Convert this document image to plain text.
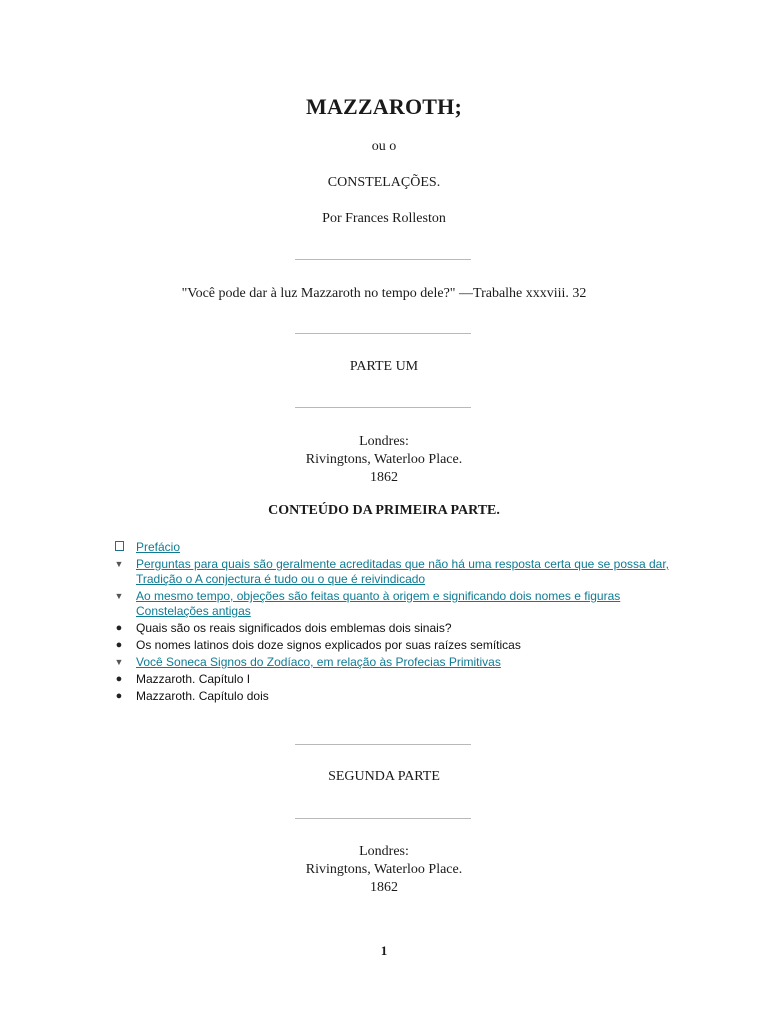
MAZZAROTH;
ou o
CONSTELAÇÕES.
Por Frances Rolleston
"Você pode dar à luz Mazzaroth no tempo dele?" —Trabalhe xxxviii. 32
PARTE UM
Londres:
Rivingtons, Waterloo Place.
1862
CONTEÚDO DA PRIMEIRA PARTE.
Prefácio
▼ Perguntas para quais são geralmente acreditadas que não há uma resposta certa que se possa dar, Tradição o A conjectura é tudo ou o que é reivindicado
▼ Ao mesmo tempo, objeções são feitas quanto à origem e significando dois nomes e figuras Constelações antigas
●	Quais são os reais significados dois emblemas dois sinais?
●	Os nomes latinos dois doze signos explicados por suas raízes semíticas
▼ Você Soneca Signos do Zodíaco, em relação às Profecias Primitivas
●	Mazzaroth. Capítulo I
●	Mazzaroth. Capítulo dois
SEGUNDA PARTE
Londres:
Rivingtons, Waterloo Place.
1862
1
